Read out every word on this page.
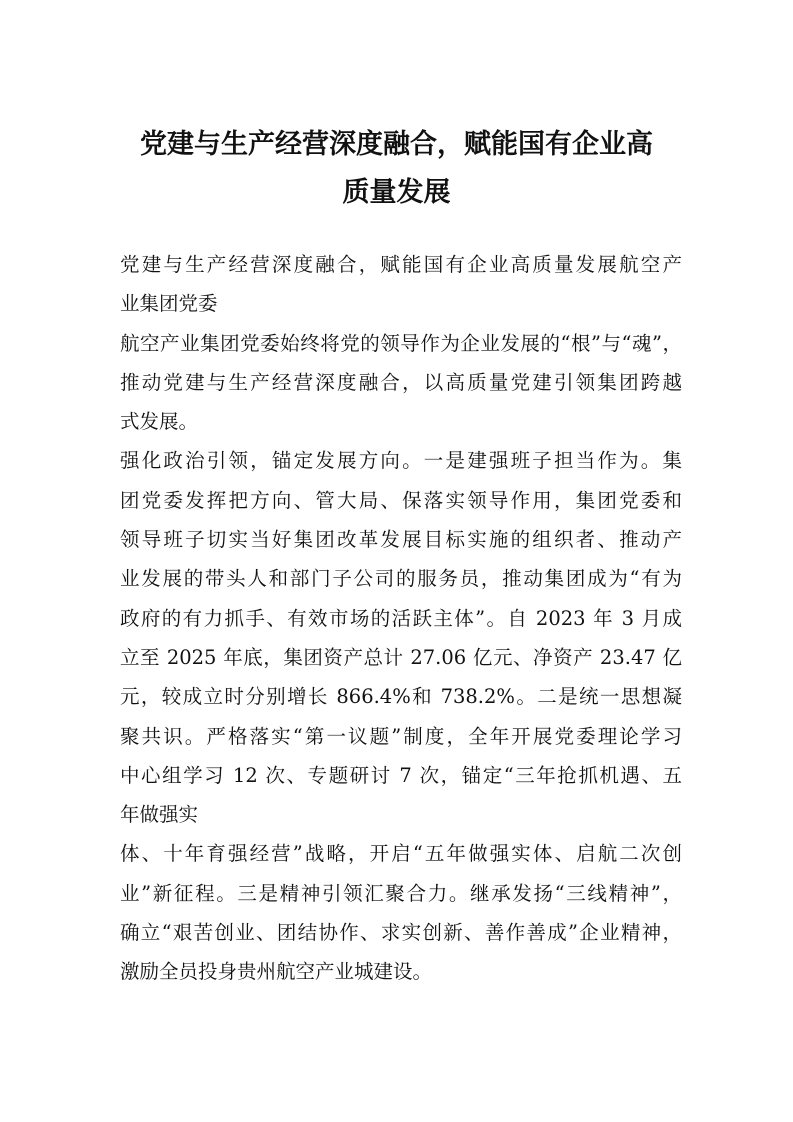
党建与生产经营深度融合，赋能国有企业高
质量发展
党建与生产经营深度融合，赋能国有企业高质量发展航空产
业集团党委
航空产业集团党委始终将党的领导作为企业发展的“根”与“魂”，
推动党建与生产经营深度融合，以高质量党建引领集团跨越
式发展。
强化政治引领，锚定发展方向。一是建强班子担当作为。集
团党委发挥把方向、管大局、保落实领导作用，集团党委和
领导班子切实当好集团改革发展目标实施的组织者、推动产
业发展的带头人和部门子公司的服务员，推动集团成为“有为
政府的有力抓手、有效市场的活跃主体”。自 2023 年 3 月成
立至 2025 年底，集团资产总计 27.06 亿元、净资产 23.47 亿
元，较成立时分别增长 866.4%和 738.2%。二是统一思想凝
聚共识。严格落实“第一议题”制度，全年开展党委理论学习
中心组学习 12 次、专题研讨 7 次，锚定“三年抢抓机遇、五
年做强实
体、十年育强经营”战略，开启“五年做强实体、启航二次创
业”新征程。三是精神引领汇聚合力。继承发扬“三线精神”，
确立“艰苦创业、团结协作、求实创新、善作善成”企业精神，
激励全员投身贵州航空产业城建设。
